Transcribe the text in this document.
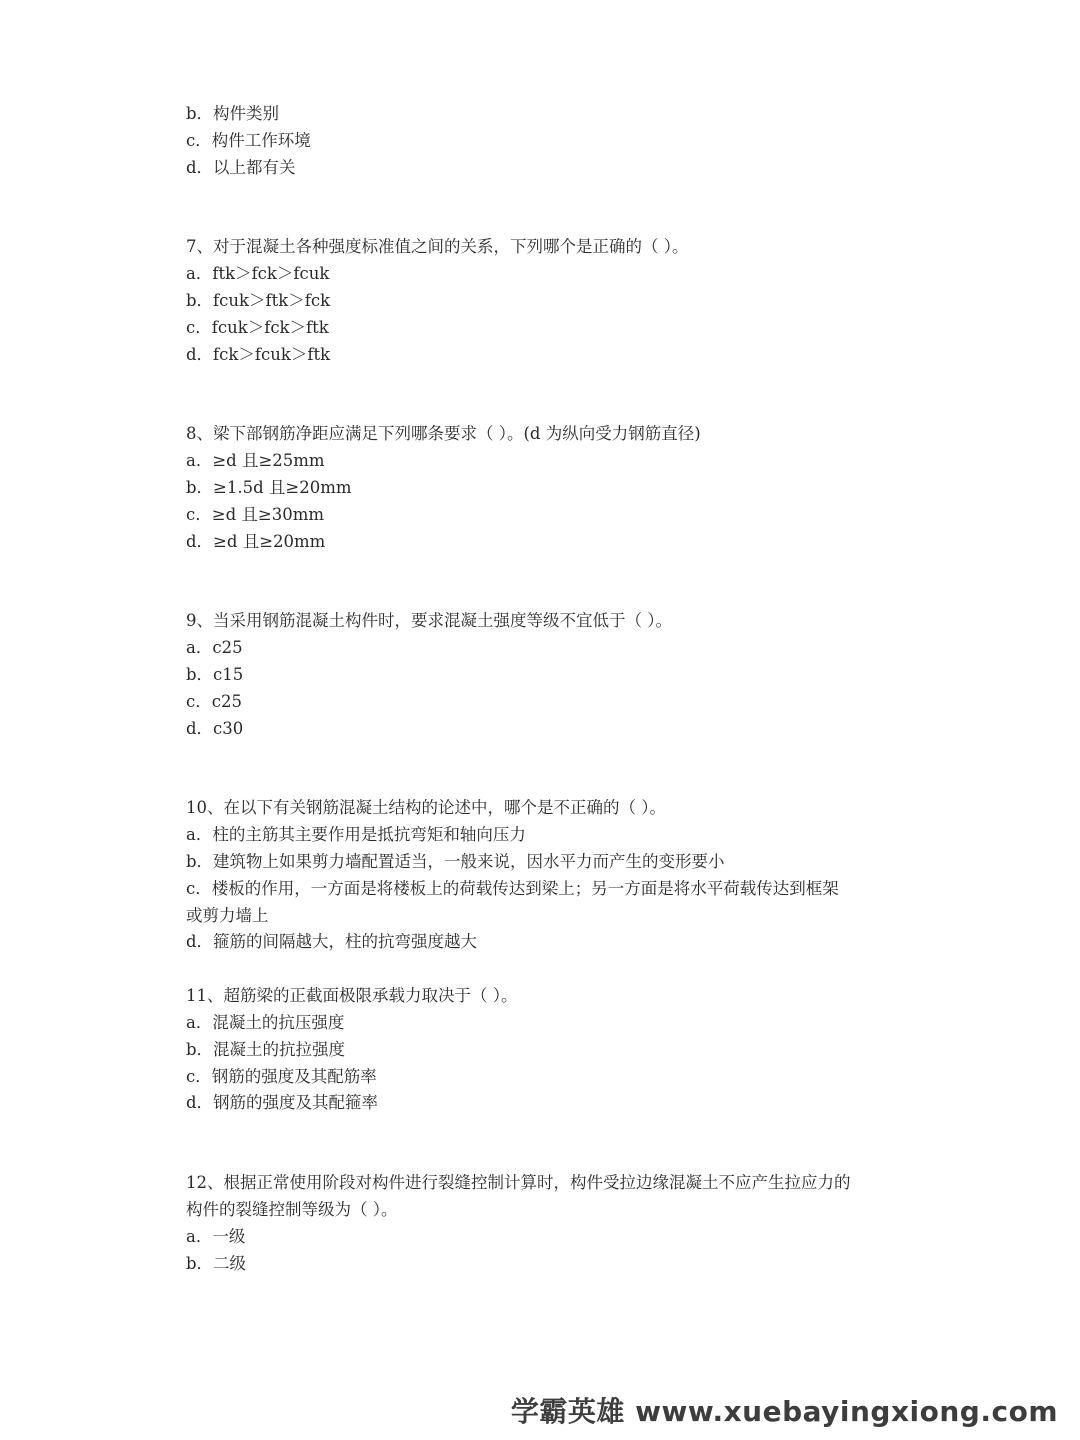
b．构件类别
c．构件工作环境
d．以上都有关
7、对于混凝土各种强度标准值之间的关系，下列哪个是正确的（ ）。
a．ftk＞fck＞fcuk
b．fcuk＞ftk＞fck
c．fcuk＞fck＞ftk
d．fck＞fcuk＞ftk
8、梁下部钢筋净距应满足下列哪条要求（ ）。(d 为纵向受力钢筋直径)
a．≥d 且≥25mm
b．≥1.5d 且≥20mm
c．≥d 且≥30mm
d．≥d 且≥20mm
9、当采用钢筋混凝土构件时，要求混凝土强度等级不宜低于（ ）。
a．c25
b．c15
c．c25
d．c30
10、在以下有关钢筋混凝土结构的论述中，哪个是不正确的（ ）。
a．柱的主筋其主要作用是抵抗弯矩和轴向压力
b．建筑物上如果剪力墙配置适当，一般来说，因水平力而产生的变形要小
c．楼板的作用，一方面是将楼板上的荷载传达到梁上；另一方面是将水平荷载传达到框架
或剪力墙上
d．箍筋的间隔越大，柱的抗弯强度越大
11、超筋梁的正截面极限承载力取决于（ ）。
a．混凝土的抗压强度
b．混凝土的抗拉强度
c．钢筋的强度及其配筋率
d．钢筋的强度及其配箍率
12、根据正常使用阶段对构件进行裂缝控制计算时，构件受拉边缘混凝土不应产生拉应力的
构件的裂缝控制等级为（ ）。
a．一级
b．二级
学霸英雄 www.xuebayingxiong.com
